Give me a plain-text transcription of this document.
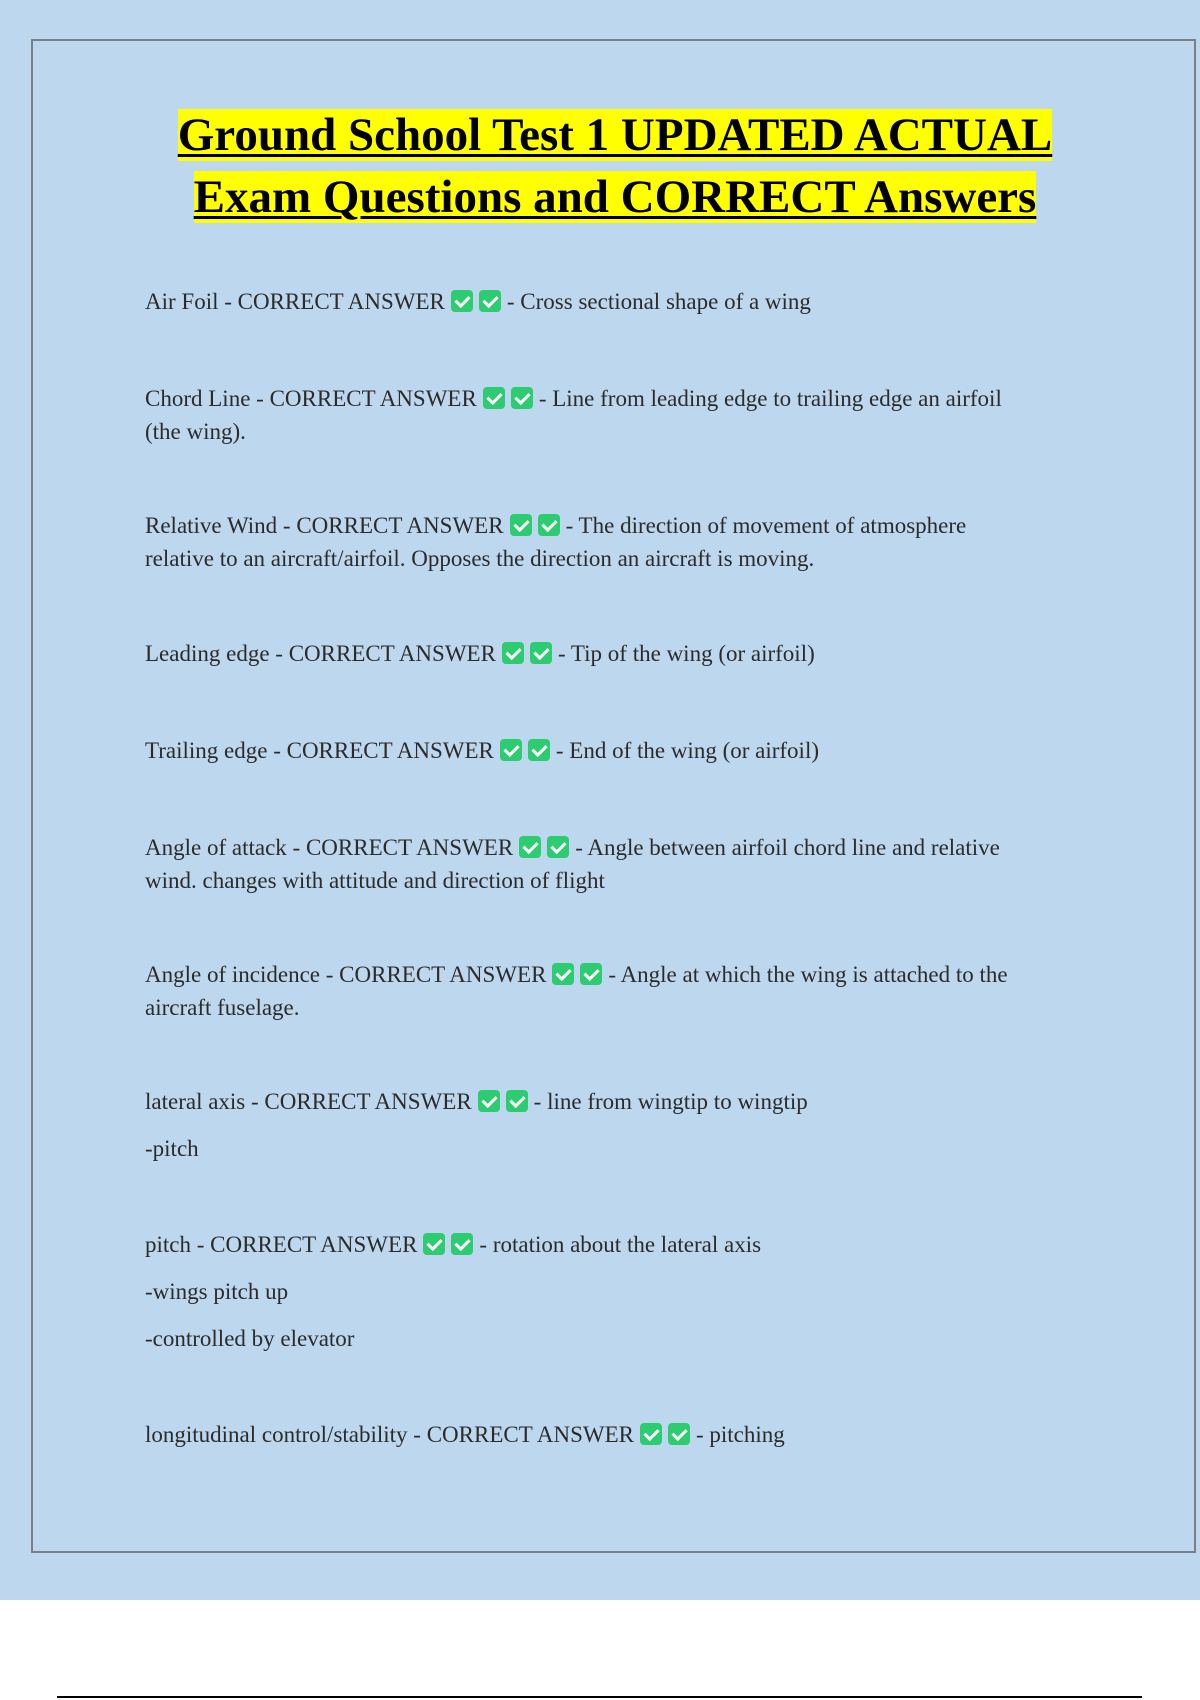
Ground School Test 1 UPDATED ACTUAL
Exam Questions and CORRECT Answers
Air Foil - CORRECT ANSWER	- Cross sectional shape of a wing
Chord Line - CORRECT ANSWER	- Line from leading edge to trailing edge an airfoil
(the wing).
Relative Wind - CORRECT ANSWER	- The direction of movement of atmosphere
relative to an aircraft/airfoil. Opposes the direction an aircraft is moving.
Leading edge - CORRECT ANSWER	- Tip of the wing (or airfoil)
Trailing edge - CORRECT ANSWER	- End of the wing (or airfoil)
Angle of attack - CORRECT ANSWER	- Angle between airfoil chord line and relative
wind. changes with attitude and direction of flight
Angle of incidence - CORRECT ANSWER	- Angle at which the wing is attached to the
aircraft fuselage.
lateral axis - CORRECT ANSWER	- line from wingtip to wingtip
-pitch
pitch - CORRECT ANSWER	- rotation about the lateral axis
-wings pitch up
-controlled by elevator
longitudinal control/stability - CORRECT ANSWER	- pitching
